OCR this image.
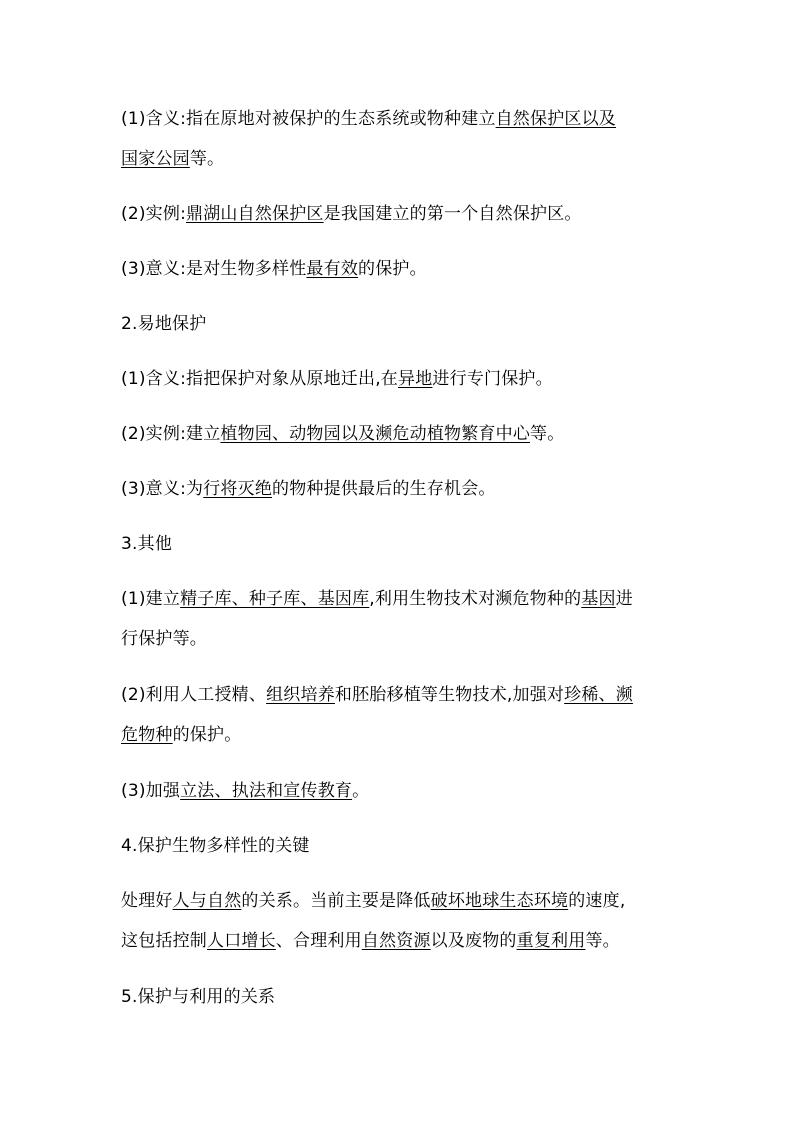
(1)含义:指在原地对被保护的生态系统或物种建立自然保护区以及
国家公园等。
(2)实例:鼎湖山自然保护区是我国建立的第一个自然保护区。
(3)意义:是对生物多样性最有效的保护。
2.易地保护
(1)含义:指把保护对象从原地迁出,在异地进行专门保护。
(2)实例:建立植物园、动物园以及濒危动植物繁育中心等。
(3)意义:为行将灭绝的物种提供最后的生存机会。
3.其他
(1)建立精子库、种子库、基因库,利用生物技术对濒危物种的基因进
行保护等。
(2)利用人工授精、组织培养和胚胎移植等生物技术,加强对珍稀、濒
危物种的保护。
(3)加强立法、执法和宣传教育。
4.保护生物多样性的关键
处理好人与自然的关系。当前主要是降低破坏地球生态环境的速度,
这包括控制人口增长、合理利用自然资源以及废物的重复利用等。
5.保护与利用的关系
